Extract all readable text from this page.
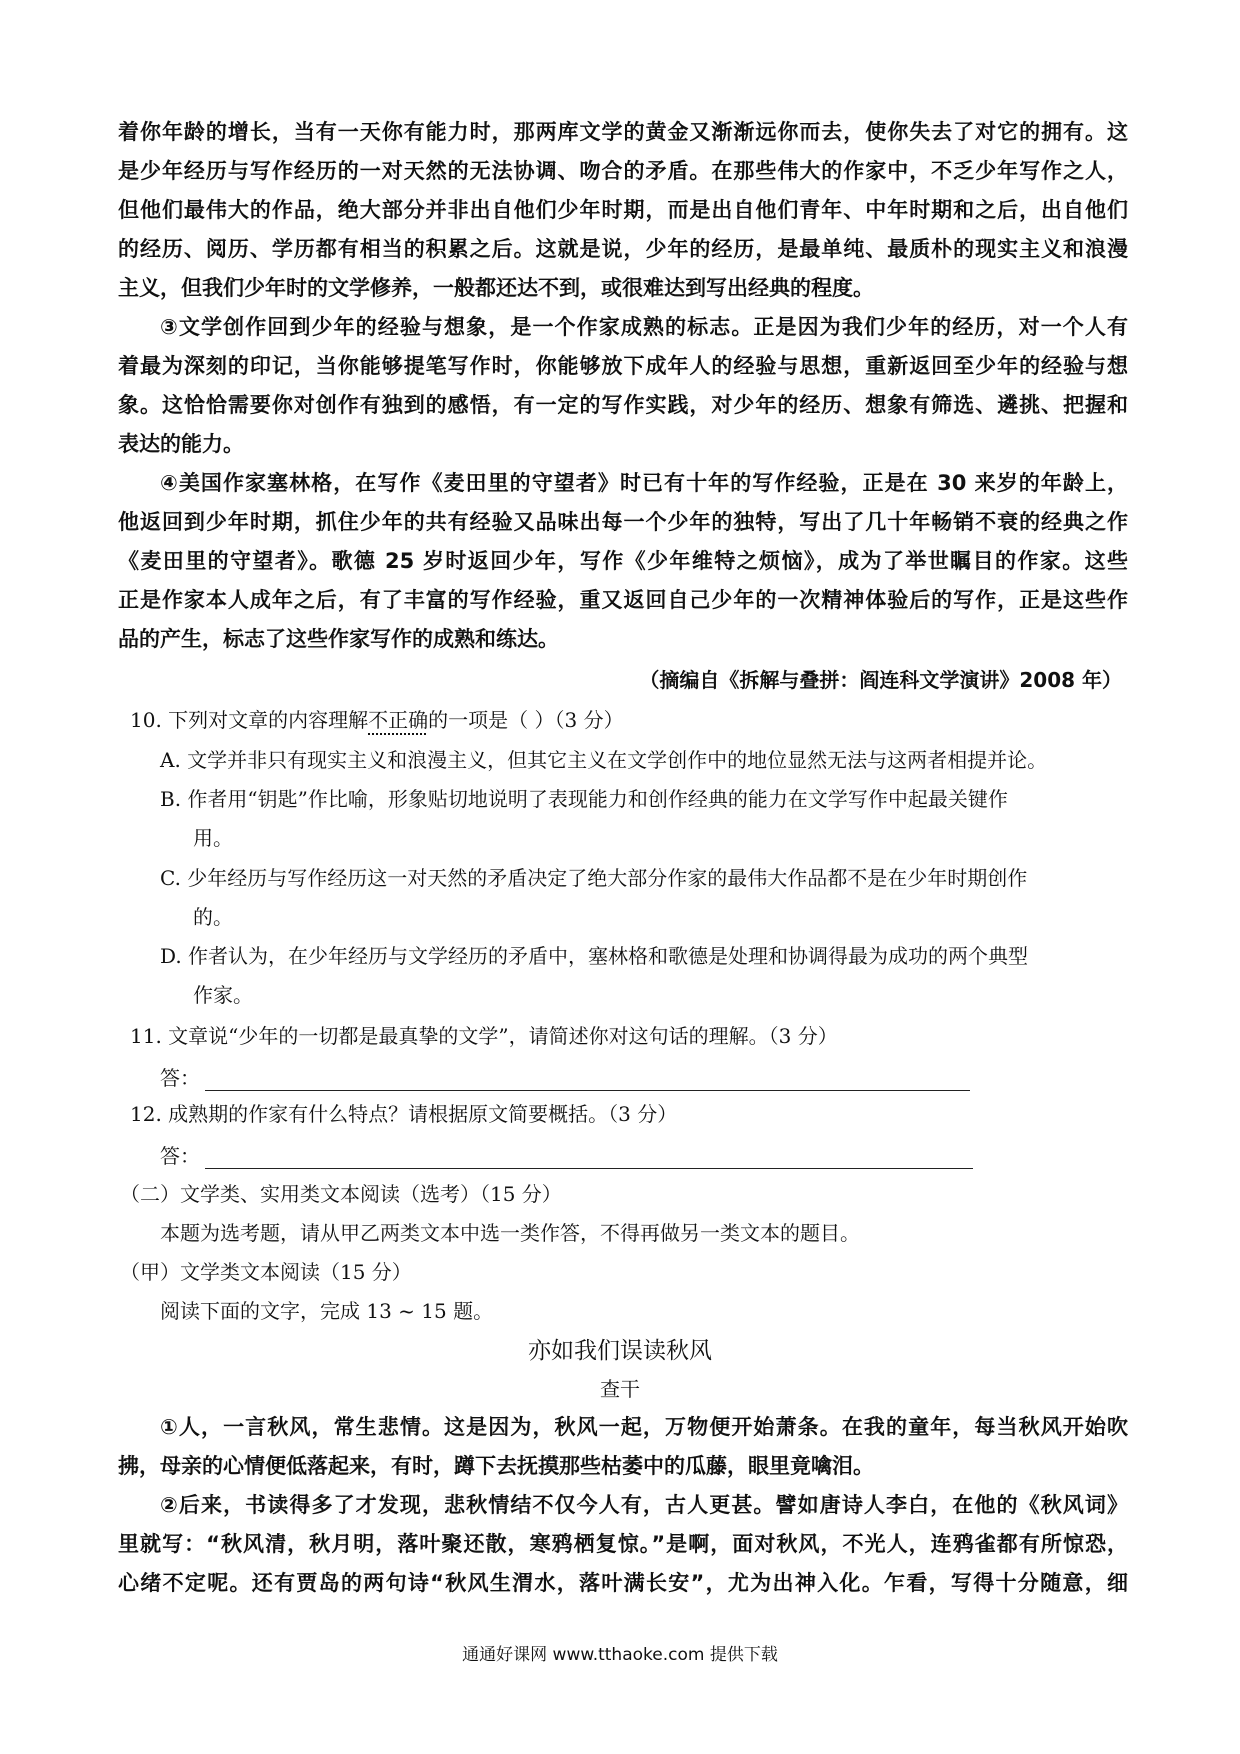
着你年龄的增长，当有一天你有能力时，那两库文学的黄金又渐渐远你而去，使你失去了对它的拥有。这
是少年经历与写作经历的一对天然的无法协调、吻合的矛盾。在那些伟大的作家中，不乏少年写作之人，
但他们最伟大的作品，绝大部分并非出自他们少年时期，而是出自他们青年、中年时期和之后，出自他们
的经历、阅历、学历都有相当的积累之后。这就是说，少年的经历，是最单纯、最质朴的现实主义和浪漫
主义，但我们少年时的文学修养，一般都还达不到，或很难达到写出经典的程度。
③文学创作回到少年的经验与想象，是一个作家成熟的标志。正是因为我们少年的经历，对一个人有
着最为深刻的印记，当你能够提笔写作时，你能够放下成年人的经验与思想，重新返回至少年的经验与想
象。这恰恰需要你对创作有独到的感悟，有一定的写作实践，对少年的经历、想象有筛选、遴挑、把握和
表达的能力。
④美国作家塞林格，在写作《麦田里的守望者》时已有十年的写作经验，正是在 30 来岁的年龄上，
他返回到少年时期，抓住少年的共有经验又品味出每一个少年的独特，写出了几十年畅销不衰的经典之作
《麦田里的守望者》。歌德 25 岁时返回少年，写作《少年维特之烦恼》，成为了举世瞩目的作家。这些
正是作家本人成年之后，有了丰富的写作经验，重又返回自己少年的一次精神体验后的写作，正是这些作
品的产生，标志了这些作家写作的成熟和练达。
（摘编自《拆解与叠拼：阎连科文学演讲》2008 年）
10. 下列对文章的内容理解不正确的一项是（ ）（3 分）
A. 文学并非只有现实主义和浪漫主义，但其它主义在文学创作中的地位显然无法与这两者相提并论。
B. 作者用“钥匙”作比喻，形象贴切地说明了表现能力和创作经典的能力在文学写作中起最关键作
用。
C. 少年经历与写作经历这一对天然的矛盾决定了绝大部分作家的最伟大作品都不是在少年时期创作
的。
D. 作者认为，在少年经历与文学经历的矛盾中，塞林格和歌德是处理和协调得最为成功的两个典型
作家。
11. 文章说“少年的一切都是最真挚的文学”，请简述你对这句话的理解。（3 分）
答：
12. 成熟期的作家有什么特点？请根据原文简要概括。（3 分）
答：
（二）文学类、实用类文本阅读（选考）（15 分）
本题为选考题，请从甲乙两类文本中选一类作答，不得再做另一类文本的题目。
（甲）文学类文本阅读（15 分）
阅读下面的文字，完成 13 ~ 15 题。
亦如我们误读秋风
查干
①人，一言秋风，常生悲情。这是因为，秋风一起，万物便开始萧条。在我的童年，每当秋风开始吹
拂，母亲的心情便低落起来，有时，蹲下去抚摸那些枯萎中的瓜藤，眼里竟噙泪。
②后来，书读得多了才发现，悲秋情结不仅今人有，古人更甚。譬如唐诗人李白，在他的《秋风词》
里就写：“秋风清，秋月明，落叶聚还散，寒鸦栖复惊。”是啊，面对秋风，不光人，连鸦雀都有所惊恐，
心绪不定呢。还有贾岛的两句诗“秋风生渭水，落叶满长安”，尤为出神入化。乍看，写得十分随意，细
通通好课网 www.tthaoke.com 提供下载
